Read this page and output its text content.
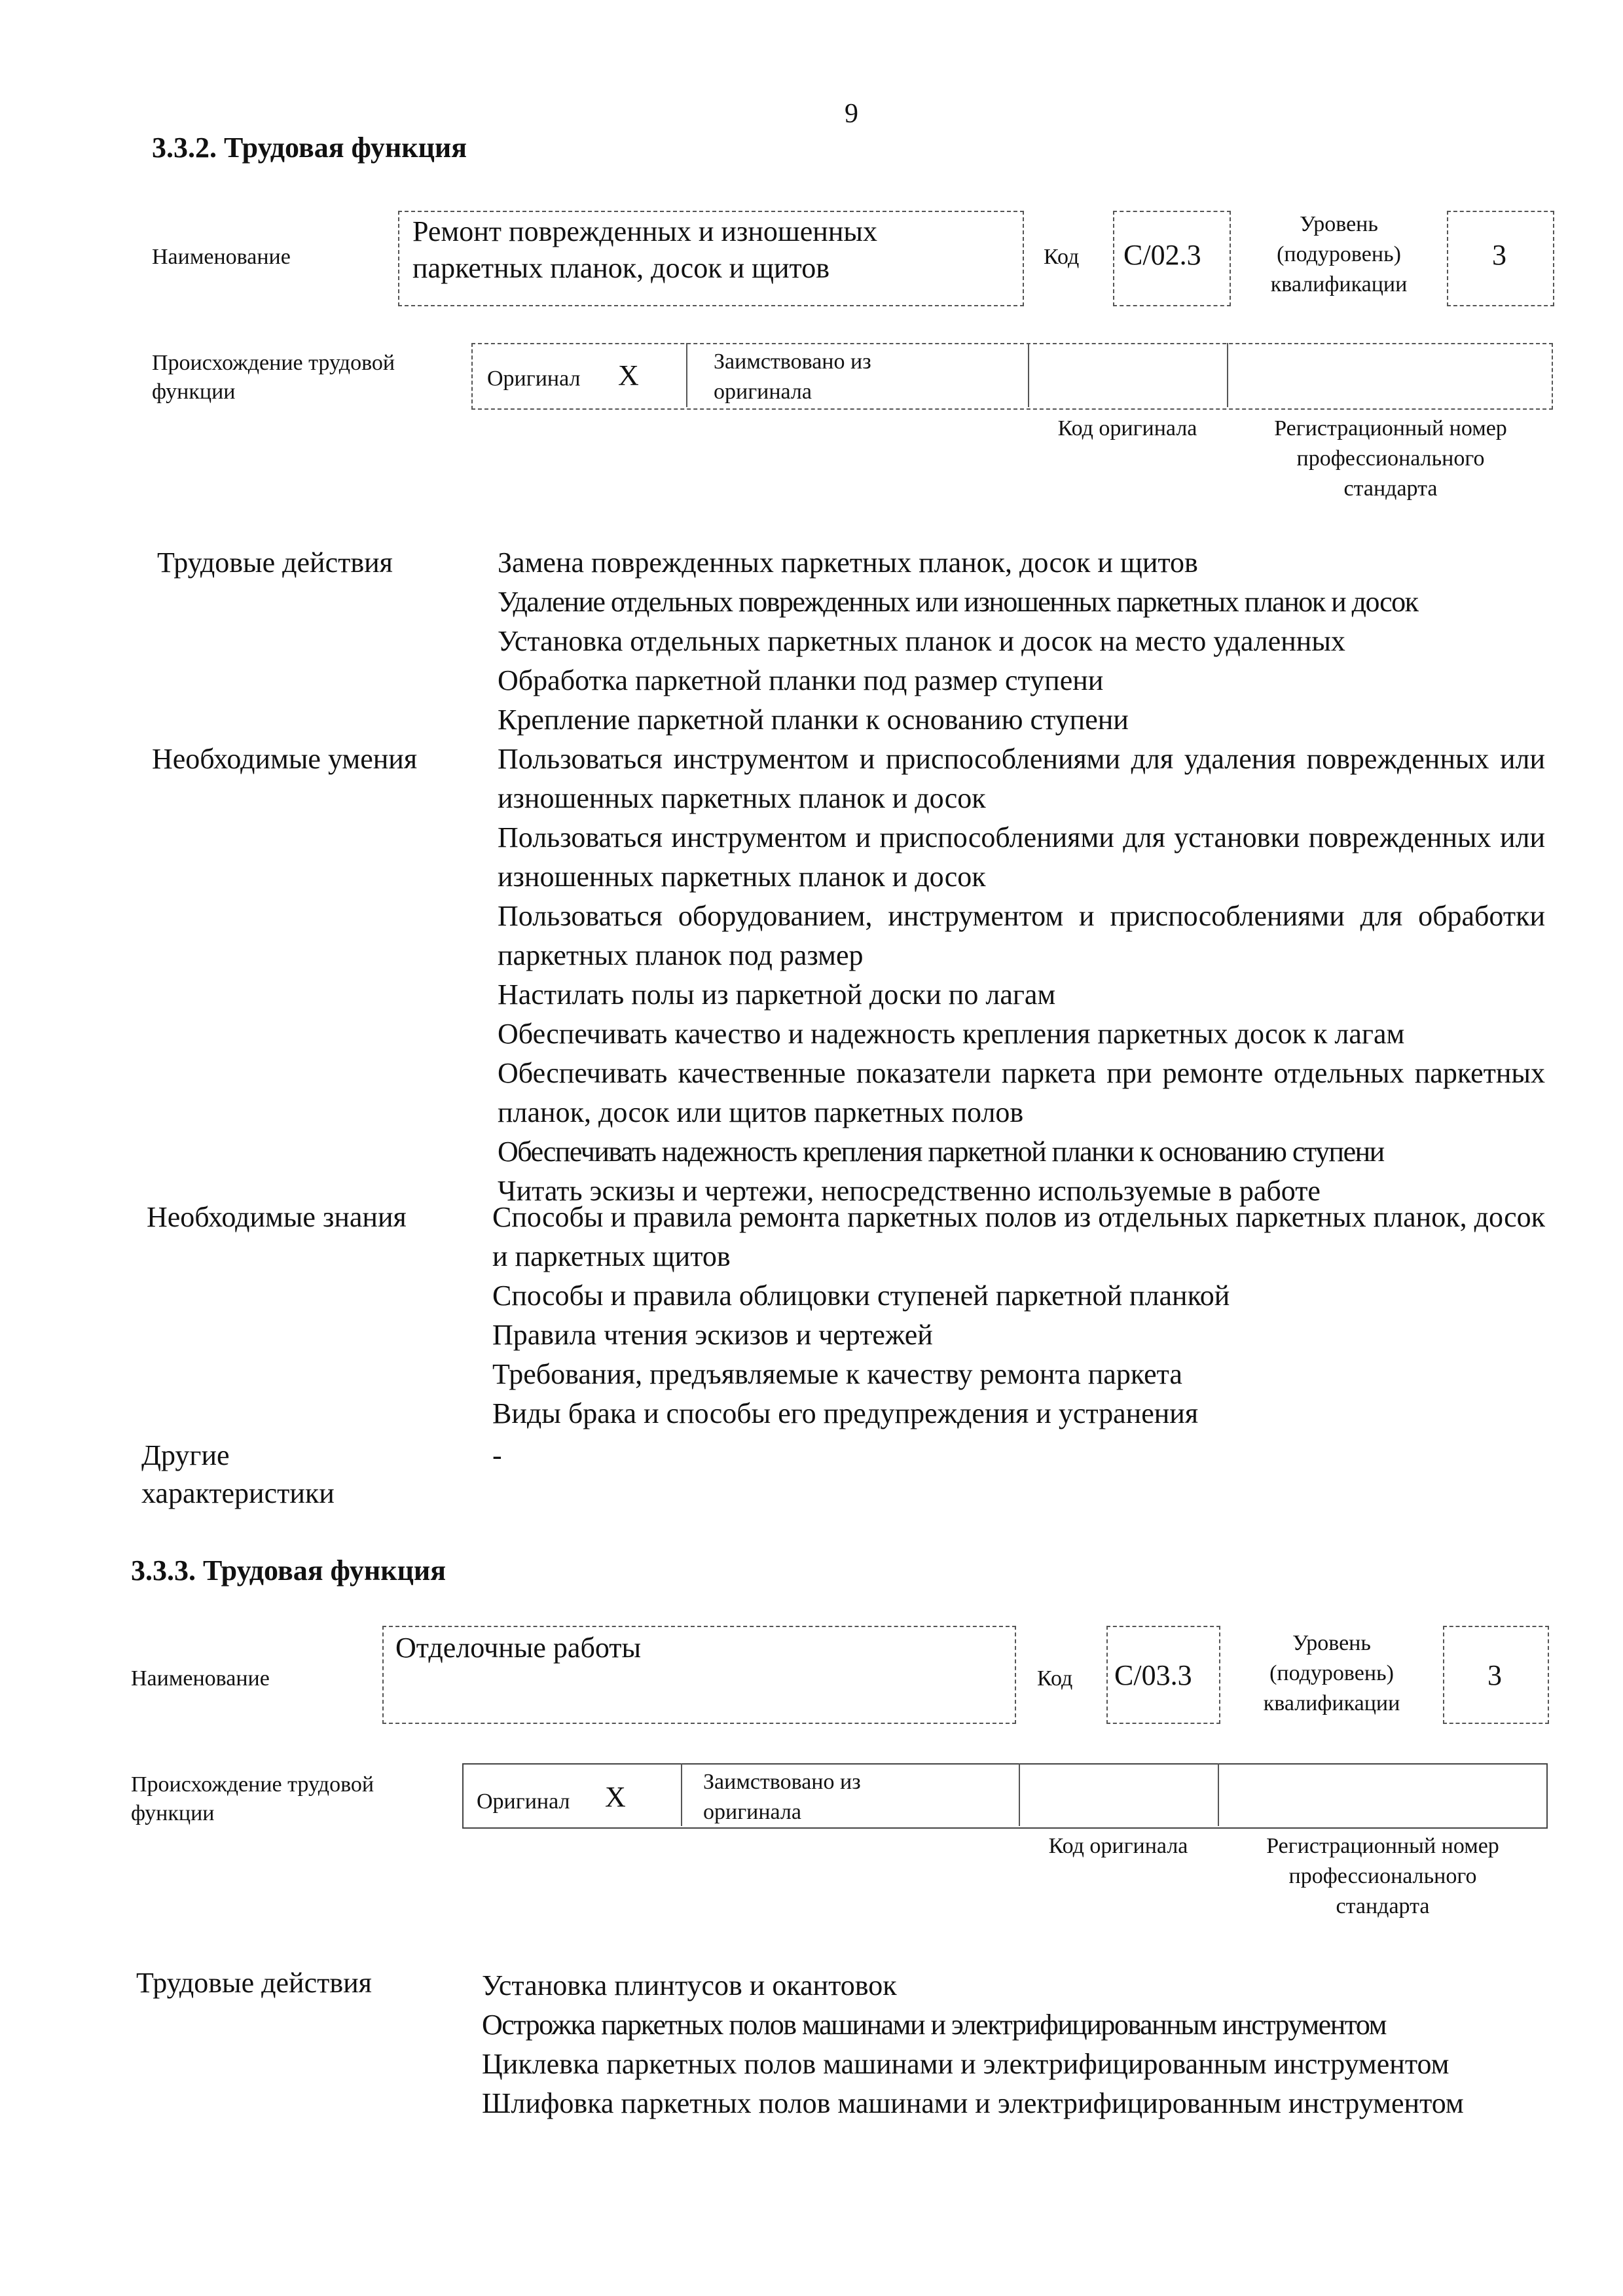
9
3.3.2. Трудовая функция
Наименование
Ремонт поврежденных и изношенных
паркетных планок, досок и щитов	Код С/02.3
Уровень
(подуровень)
квалификации
3
Происхождение трудовой
функции
Оригинал X	Заимствовано из
оригинала
Код оригинала	Регистрационный номер
профессионального
стандарта
Трудовые действия	Замена поврежденных паркетных планок, досок и щитов
Удаление отдельных поврежденных или изношенных паркетных планок и досок
Установка отдельных паркетных планок и досок на место удаленных
Обработка паркетной планки под размер ступени
Крепление паркетной планки к основанию ступени
Необходимые умения	Пользоваться инструментом и приспособлениями для удаления поврежденных или изношенных паркетных планок и досок
Пользоваться инструментом и приспособлениями для установки поврежденных или изношенных паркетных планок и досок
Пользоваться оборудованием, инструментом и приспособлениями для обработки паркетных планок под размер
Настилать полы из паркетной доски по лагам
Обеспечивать качество и надежность крепления паркетных досок к лагам
Обеспечивать качественные показатели паркета при ремонте отдельных паркетных планок, досок или щитов паркетных полов
Обеспечивать надежность крепления паркетной планки к основанию ступени
Читать эскизы и чертежи, непосредственно используемые в работе
Необходимые знания	Способы и правила ремонта паркетных полов из отдельных паркетных планок, досок и паркетных щитов
Способы и правила облицовки ступеней паркетной планкой
Правила чтения эскизов и чертежей
Требования, предъявляемые к качеству ремонта паркета
Виды брака и способы его предупреждения и устранения
Другие
характеристики
-
3.3.3. Трудовая функция
Наименование
Отделочные работы
Код С/03.3
Уровень
(подуровень)
квалификации
3
Происхождение трудовой
функции	Оригинал X	Заимствовано из
оригинала
Код оригинала	Регистрационный номер
профессионального
стандарта
Трудовые действия	Установка плинтусов и окантовок
Острожка паркетных полов машинами и электрифицированным инструментом
Циклевка паркетных полов машинами и электрифицированным инструментом
Шлифовка паркетных полов машинами и электрифицированным инструментом
